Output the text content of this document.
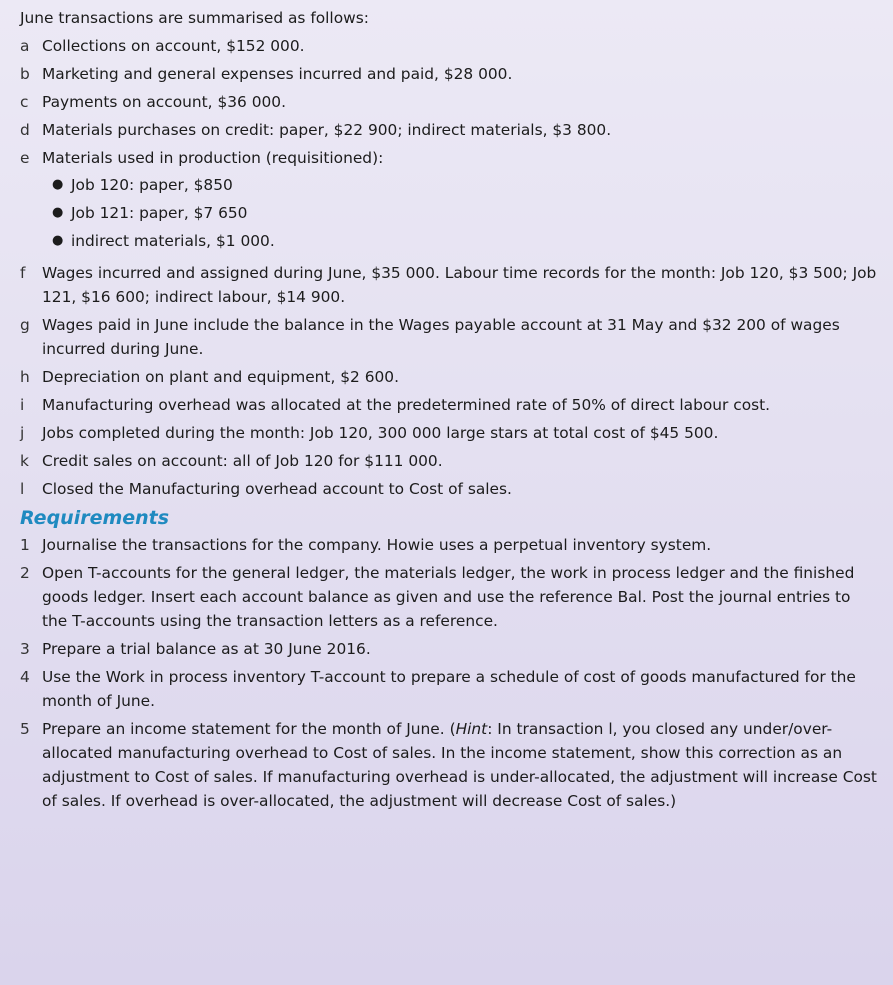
June transactions are summarised as follows:

a Collections on account, $152 000.
b Marketing and general expenses incurred and paid, $28 000.
c Payments on account, $36 000.
d Materials purchases on credit: paper, $22 900; indirect materials, $3 800.
e Materials used in production (requisitioned):
● Job 120: paper, $850
● Job 121: paper, $7 650
● indirect materials, $1 000.
f	Wages incurred and assigned during June, $35 000. Labour time records for the month: Job 120, $3 500; Job 121, $16 600; indirect labour, $14 900.
g Wages paid in June include the balance in the Wages payable account at 31 May and $32 200 of wages incurred during June.
h Depreciation on plant and equipment, $2 600.
i	Manufacturing overhead was allocated at the predetermined rate of 50% of direct labour cost.
j	Jobs completed during the month: Job 120, 300 000 large stars at total cost of $45 500.
k Credit sales on account: all of Job 120 for $111 000.
l	Closed the Manufacturing overhead account to Cost of sales.
Requirements
1 Journalise the transactions for the company. Howie uses a perpetual inventory system.
2 Open T-accounts for the general ledger, the materials ledger, the work in process ledger and the finished goods ledger. Insert each account balance as given and use the reference Bal. Post the journal entries to the T-accounts using the transaction letters as a reference.
3 Prepare a trial balance as at 30 June 2016.
4 Use the Work in process inventory T-account to prepare a schedule of cost of goods manufactured for the month of June.
5 Prepare an income statement for the month of June. (Hint: In transaction l, you closed any under/over-allocated manufacturing overhead to Cost of sales. In the income statement, show this correction as an adjustment to Cost of sales. If manufacturing overhead is under-allocated, the adjustment will increase Cost of sales. If overhead is over-allocated, the adjustment will decrease Cost of sales.)
